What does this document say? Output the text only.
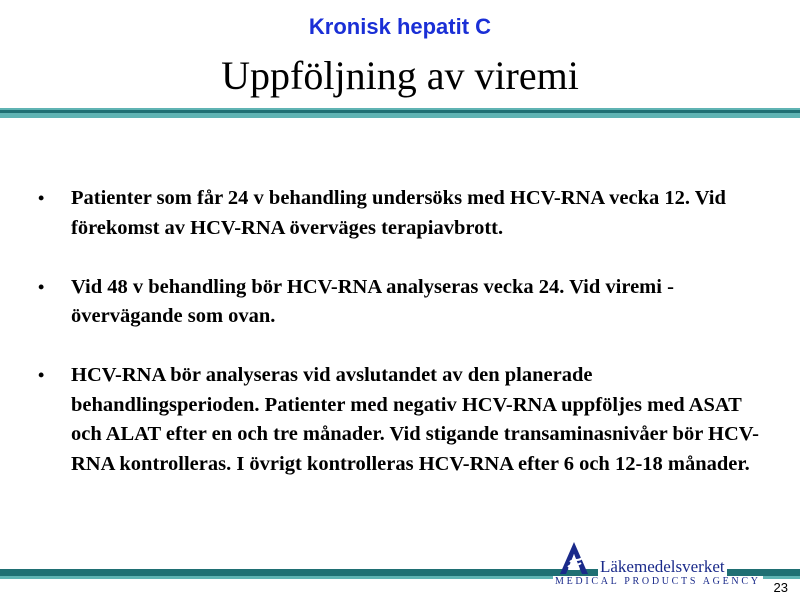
Kronisk hepatit C
Uppföljning av viremi
• Patienter som får 24 v behandling undersöks med HCV-RNA vecka 12. Vid förekomst av HCV-RNA överväges terapiavbrott.
• Vid 48 v behandling bör HCV-RNA analyseras vecka 24. Vid viremi - övervägande som ovan.
• HCV-RNA bör analyseras vid avslutandet av den planerade behandlingsperioden. Patienter med negativ HCV-RNA uppföljes med ASAT och ALAT efter en och tre månader. Vid stigande transaminasnivåer bör HCV-RNA kontrolleras. I övrigt kontrolleras HCV-RNA efter 6 och 12-18 månader.
Läkemedelsverket
MEDICAL PRODUCTS AGENCY 23
